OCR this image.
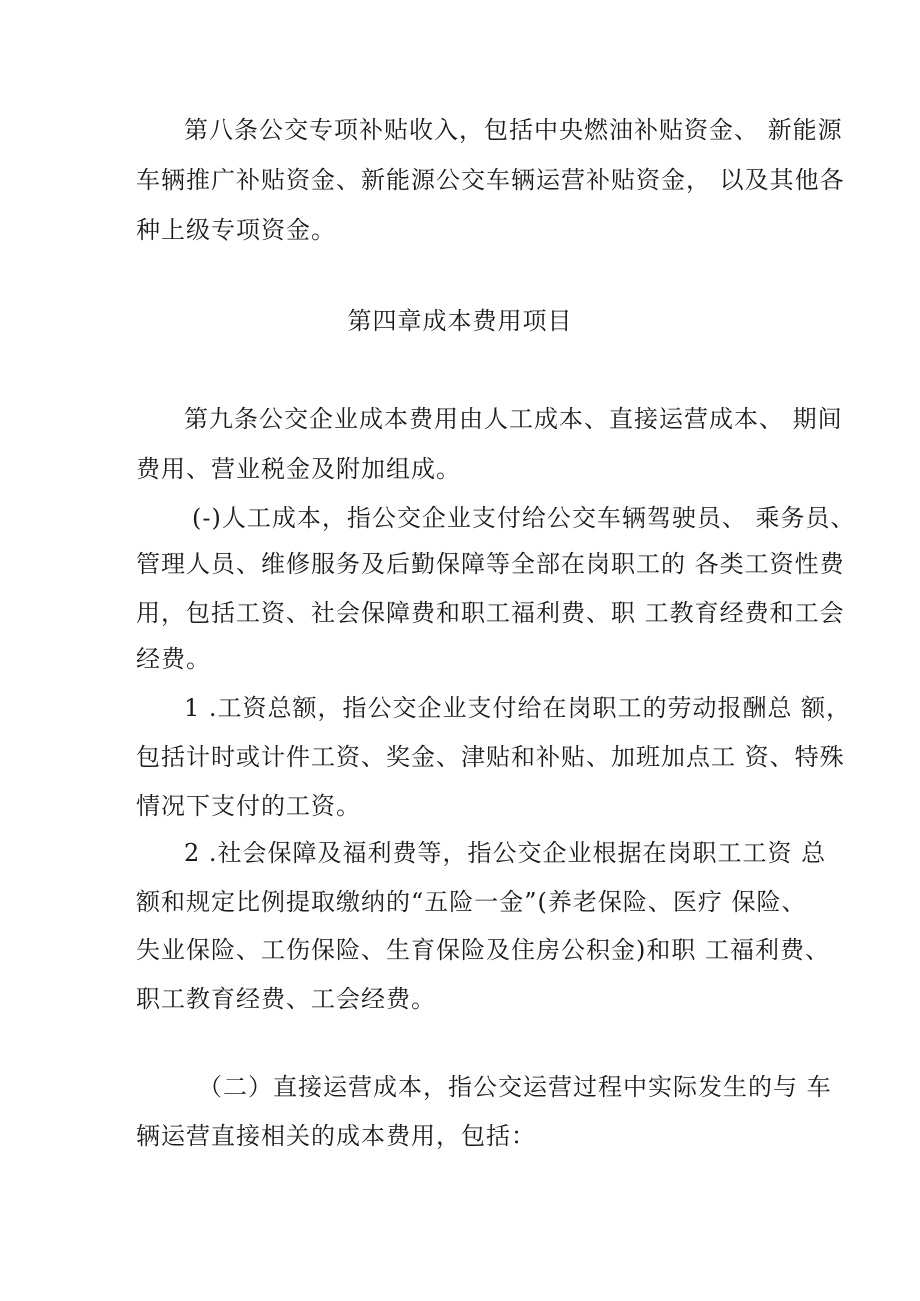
第八条公交专项补贴收入，包括中央燃油补贴资金、 新能源
车辆推广补贴资金、新能源公交车辆运营补贴资金， 以及其他各
种上级专项资金。
第四章成本费用项目
第九条公交企业成本费用由人工成本、直接运营成本、 期间
费用、营业税金及附加组成。
(-)人工成本，指公交企业支付给公交车辆驾驶员、 乘务员、
管理人员、维修服务及后勤保障等全部在岗职工的 各类工资性费
用，包括工资、社会保障费和职工福利费、职 工教育经费和工会
经费。
1 .工资总额，指公交企业支付给在岗职工的劳动报酬总 额，
包括计时或计件工资、奖金、津贴和补贴、加班加点工 资、特殊
情况下支付的工资。
2 .社会保障及福利费等，指公交企业根据在岗职工工资 总
额和规定比例提取缴纳的“五险一金”(养老保险、医疗 保险、
失业保险、工伤保险、生育保险及住房公积金)和职 工福利费、
职工教育经费、工会经费。
（二）直接运营成本，指公交运营过程中实际发生的与 车
辆运营直接相关的成本费用，包括：
